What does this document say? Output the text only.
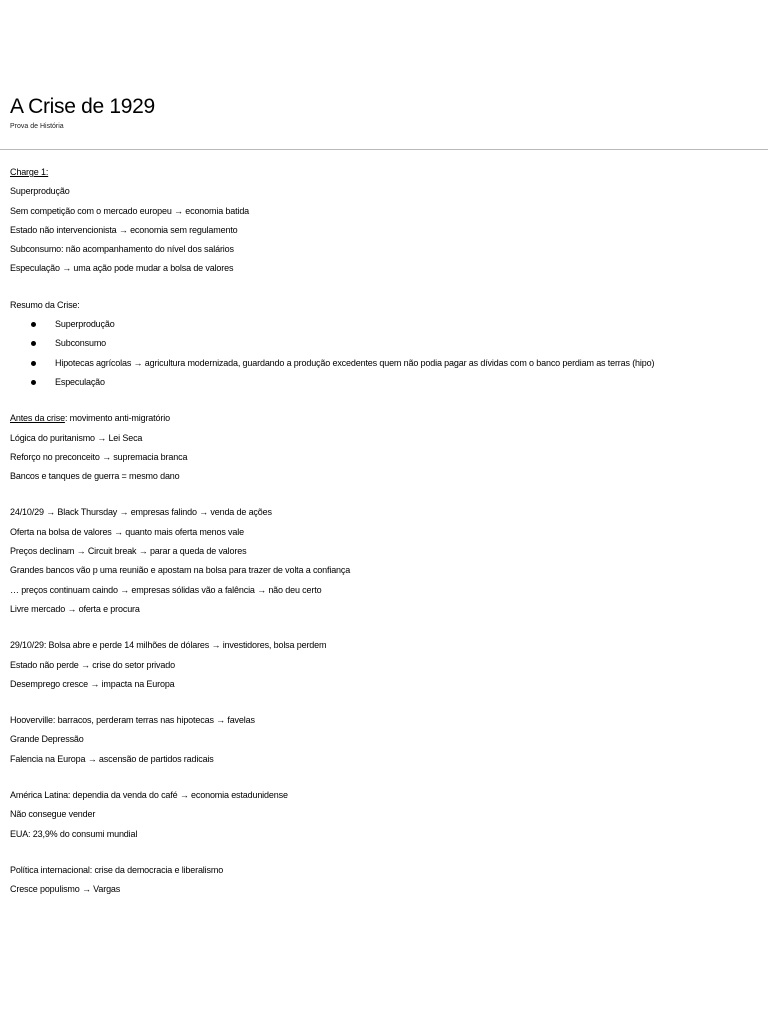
A Crise de 1929
Prova de História
Charge 1:
Superprodução
Sem competição com o mercado europeu → economia batida
Estado não intervencionista → economia sem regulamento
Subconsumo: não acompanhamento do nível dos salários
Especulação → uma ação pode mudar a bolsa de valores
Resumo da Crise:
Superprodução
Subconsumo
Hipotecas agrícolas → agricultura modernizada, guardando a produção excedentes quem não podia pagar as dívidas com o banco perdiam as terras (hipo)
Especulação
Antes da crise: movimento anti-migratório
Lógica do puritanismo → Lei Seca
Reforço no preconceito → supremacia branca
Bancos e tanques de guerra = mesmo dano
24/10/29 → Black Thursday → empresas falindo → venda de ações
Oferta na bolsa de valores → quanto mais oferta menos vale
Preços declinam → Circuit break → parar a queda de valores
Grandes bancos vão p uma reunião e apostam na bolsa para trazer de volta a confiança
… preços continuam caindo → empresas sólidas vão a falência → não deu certo
Livre mercado → oferta e procura
29/10/29: Bolsa abre e perde 14 milhões de dólares → investidores, bolsa perdem
Estado não perde → crise do setor privado
Desemprego cresce → impacta na Europa
Hooverville: barracos, perderam terras nas hipotecas → favelas
Grande Depressão
Falencia na Europa → ascensão de partidos radicais
América Latina: dependia da venda do café → economia estadunidense
Não consegue vender
EUA: 23,9% do consumi mundial
Política internacional: crise da democracia e liberalismo
Cresce populismo → Vargas
